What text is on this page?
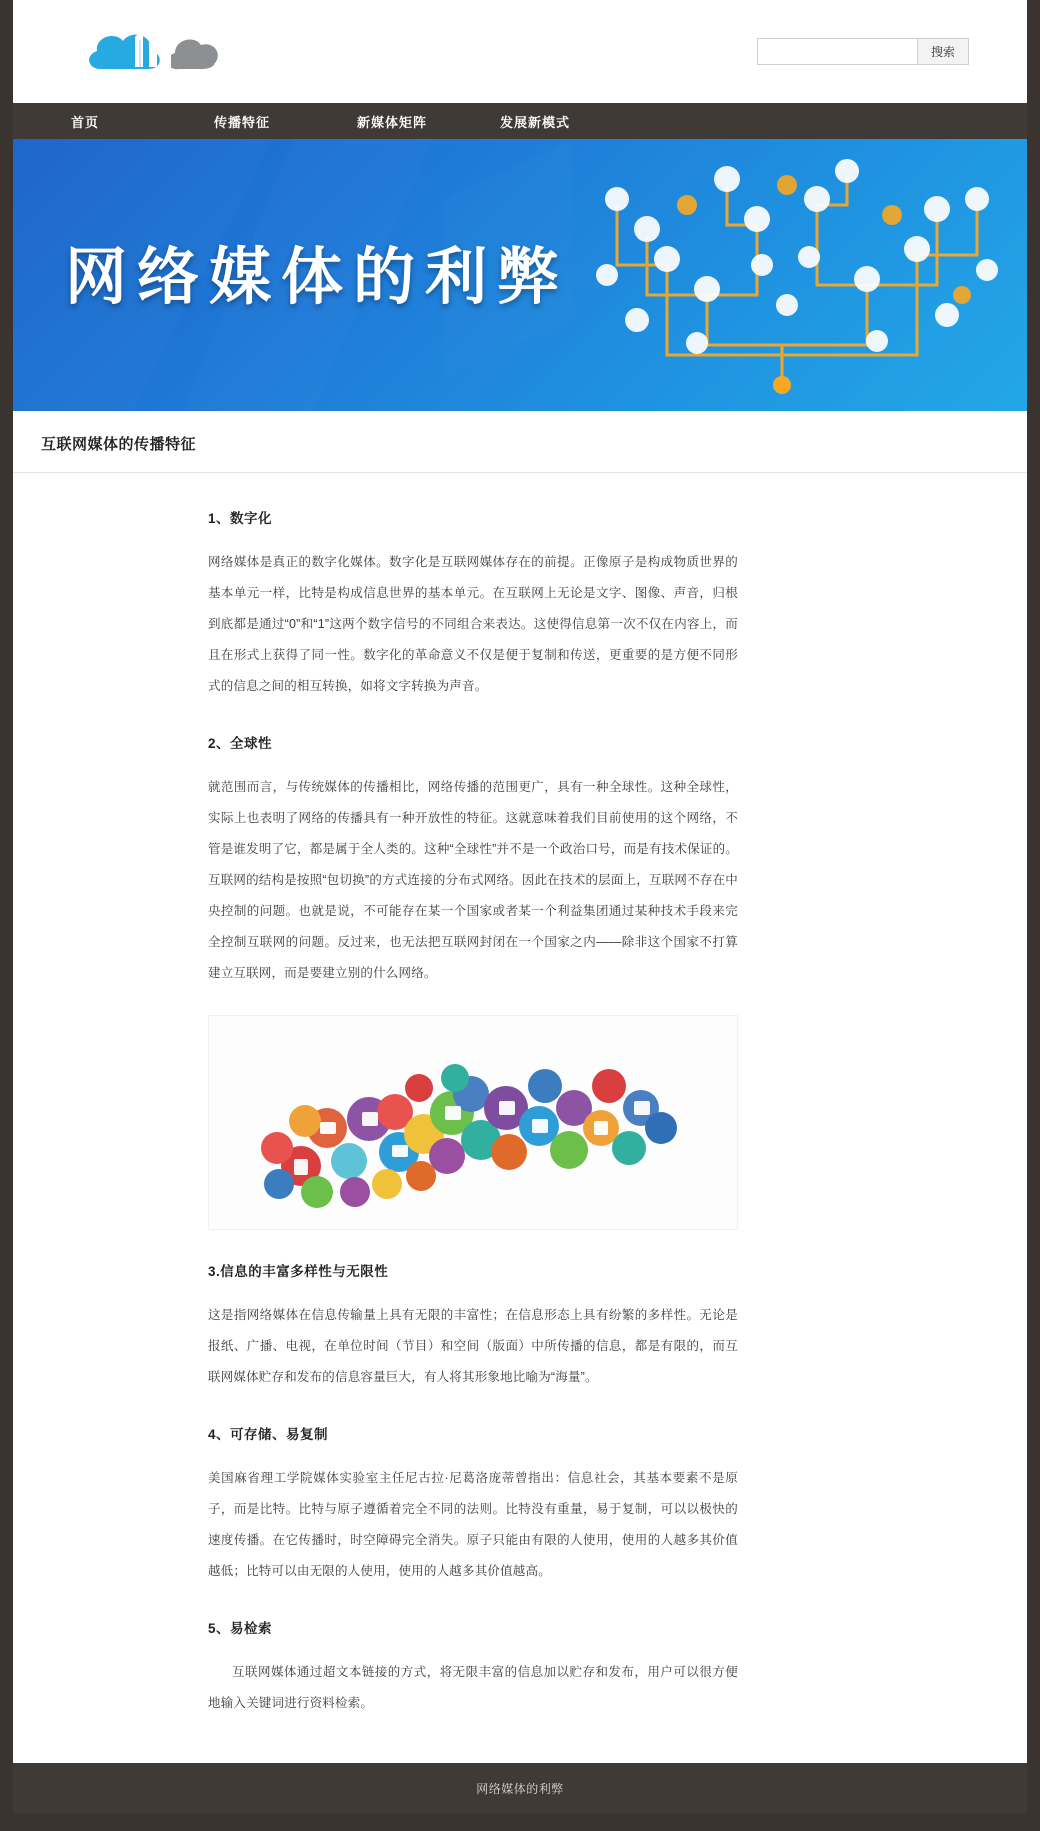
搜索
首页	传播特征	新媒体矩阵	发展新模式
网络媒体的利弊
互联网媒体的传播特征
1、数字化

网络媒体是真正的数字化媒体。数字化是互联网媒体存在的前提。正像原子是构成物质世界的基本单元一样，比特是构成信息世界的基本单元。在互联网上无论是文字、图像、声音，归根到底都是通过“0”和“1”这两个数字信号的不同组合来表达。这使得信息第一次不仅在内容上，而且在形式上获得了同一性。数字化的革命意义不仅是便于复制和传送，更重要的是方便不同形式的信息之间的相互转换，如将文字转换为声音。

2、全球性

就范围而言，与传统媒体的传播相比，网络传播的范围更广，具有一种全球性。这种全球性，实际上也表明了网络的传播具有一种开放性的特征。这就意味着我们目前使用的这个网络，不管是谁发明了它，都是属于全人类的。这种“全球性”并不是一个政治口号，而是有技术保证的。互联网的结构是按照“包切换”的方式连接的分布式网络。因此在技术的层面上，互联网不存在中央控制的问题。也就是说，不可能存在某一个国家或者某一个利益集团通过某种技术手段来完全控制互联网的问题。反过来，也无法把互联网封闭在一个国家之内——除非这个国家不打算建立互联网，而是要建立别的什么网络。

3.信息的丰富多样性与无限性

这是指网络媒体在信息传输量上具有无限的丰富性；在信息形态上具有纷繁的多样性。无论是报纸、广播、电视，在单位时间（节目）和空间（版面）中所传播的信息，都是有限的，而互联网媒体贮存和发布的信息容量巨大，有人将其形象地比喻为“海量”。

4、可存储、易复制

美国麻省理工学院媒体实验室主任尼古拉·尼葛洛庞蒂曾指出：信息社会，其基本要素不是原子，而是比特。比特与原子遵循着完全不同的法则。比特没有重量，易于复制，可以以极快的速度传播。在它传播时，时空障碍完全消失。原子只能由有限的人使用，使用的人越多其价值越低；比特可以由无限的人使用，使用的人越多其价值越高。

5、易检索

互联网媒体通过超文本链接的方式，将无限丰富的信息加以贮存和发布，用户可以很方便地输入关键词进行资料检索。

网络媒体的利弊
